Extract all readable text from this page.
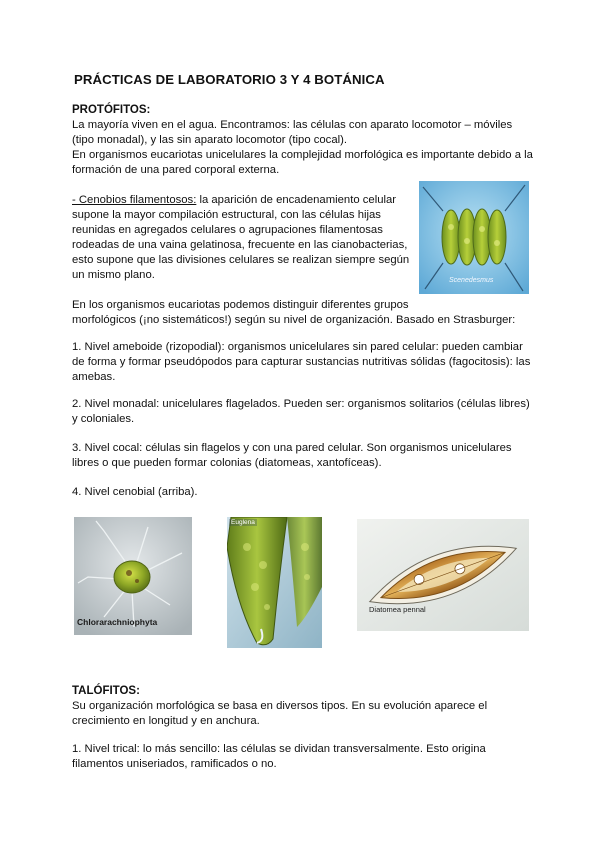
PRÁCTICAS DE LABORATORIO 3 Y 4 BOTÁNICA
PROTÓFITOS:
La mayoría viven en el agua. Encontramos: las células con aparato locomotor – móviles
(tipo monadal), y las sin aparato locomotor (tipo cocal).
En organismos eucariotas unicelulares la complejidad morfológica es importante debido a la
formación de una pared corporal externa.
- Cenobios filamentosos: la aparición de encadenamiento celular
supone la mayor compilación estructural, con las células hijas
reunidas en agregados celulares o agrupaciones filamentosas
rodeadas de una vaina gelatinosa, frecuente en las cianobacterias,
esto supone que las divisiones celulares se realizan siempre según
un mismo plano.	Scenedesmus
En los organismos eucariotas podemos distinguir diferentes grupos
morfológicos (¡no sistemáticos!) según su nivel de organización. Basado en Strasburger:
1. Nivel ameboide (rizopodial): organismos unicelulares sin pared celular: pueden cambiar
de forma y formar pseudópodos para capturar sustancias nutritivas sólidas (fagocitosis): las
amebas.
2. Nivel monadal: unicelulares flagelados. Pueden ser: organismos solitarios (células libres)
y coloniales.
3. Nivel cocal: células sin flagelos y con una pared celular. Son organismos unicelulares
libres o que pueden formar colonias (diatomeas, xantofíceas).
4. Nivel cenobial (arriba).
Chlorarachniophyta
Euglena
Diatomea pennal
TALÓFITOS:
Su organización morfológica se basa en diversos tipos. En su evolución aparece el
crecimiento en longitud y en anchura.
1. Nivel trical: lo más sencillo: las células se dividan transversalmente. Esto origina
filamentos uniseriados, ramificados o no.
